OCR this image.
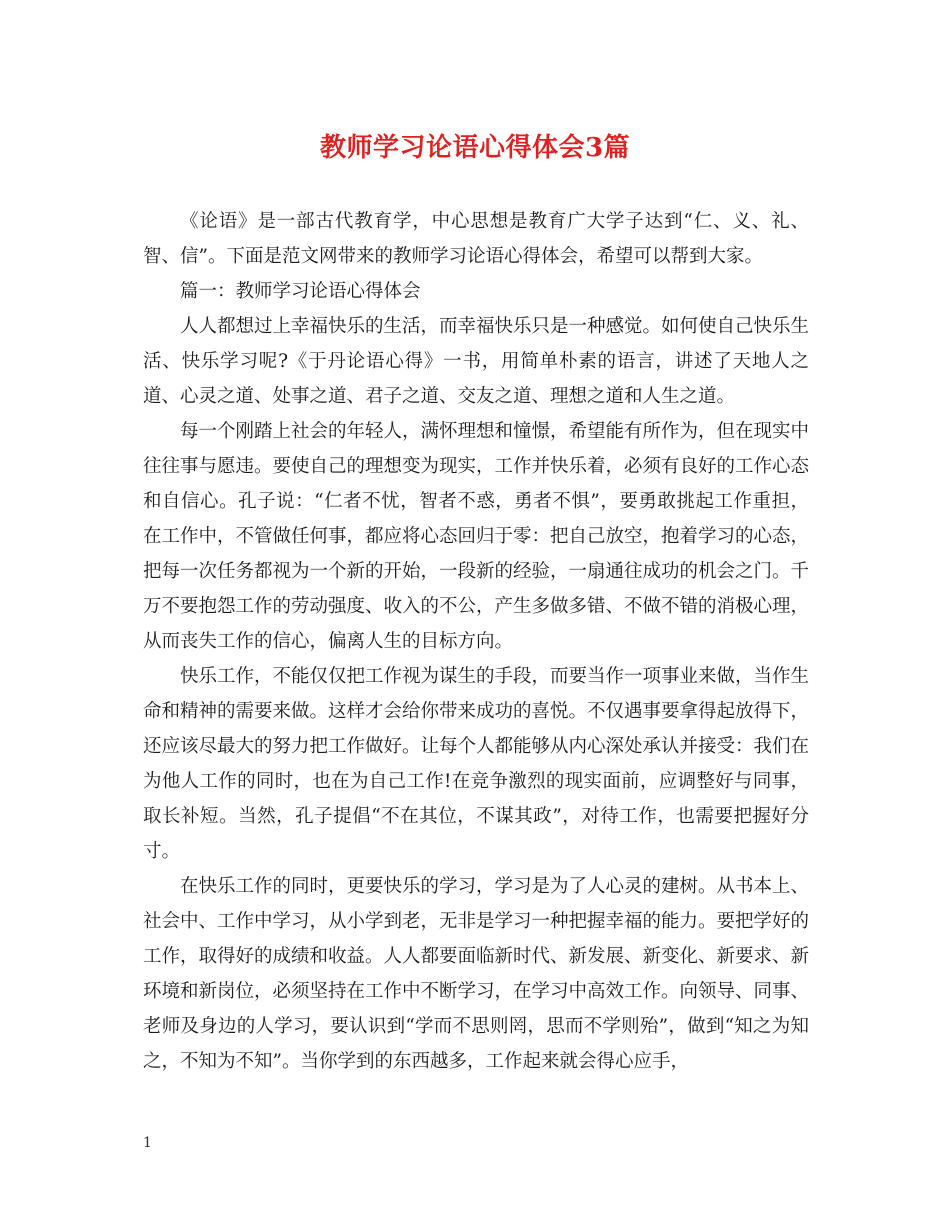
教师学习论语心得体会3篇

《论语》是一部古代教育学，中心思想是教育广大学子达到“仁、义、礼、智、信”。下面是范文网带来的教师学习论语心得体会，希望可以帮到大家。

篇一：教师学习论语心得体会

人人都想过上幸福快乐的生活，而幸福快乐只是一种感觉。如何使自己快乐生活、快乐学习呢?《于丹论语心得》一书，用简单朴素的语言，讲述了天地人之道、心灵之道、处事之道、君子之道、交友之道、理想之道和人生之道。

每一个刚踏上社会的年轻人，满怀理想和憧憬，希望能有所作为，但在现实中往往事与愿违。要使自己的理想变为现实，工作并快乐着，必须有良好的工作心态和自信心。孔子说：“仁者不忧，智者不惑，勇者不惧”，要勇敢挑起工作重担，在工作中，不管做任何事，都应将心态回归于零：把自己放空，抱着学习的心态，把每一次任务都视为一个新的开始，一段新的经验，一扇通往成功的机会之门。千万不要抱怨工作的劳动强度、收入的不公，产生多做多错、不做不错的消极心理，从而丧失工作的信心，偏离人生的目标方向。

快乐工作，不能仅仅把工作视为谋生的手段，而要当作一项事业来做，当作生命和精神的需要来做。这样才会给你带来成功的喜悦。不仅遇事要拿得起放得下，还应该尽最大的努力把工作做好。让每个人都能够从内心深处承认并接受：我们在为他人工作的同时，也在为自己工作!在竞争激烈的现实面前，应调整好与同事，取长补短。当然，孔子提倡“不在其位，不谋其政”，对待工作，也需要把握好分寸。

在快乐工作的同时，更要快乐的学习，学习是为了人心灵的建树。从书本上、社会中、工作中学习，从小学到老，无非是学习一种把握幸福的能力。要把学好的工作，取得好的成绩和收益。人人都要面临新时代、新发展、新变化、新要求、新环境和新岗位，必须坚持在工作中不断学习，在学习中高效工作。向领导、同事、老师及身边的人学习，要认识到“学而不思则罔，思而不学则殆”，做到“知之为知之，不知为不知”。当你学到的东西越多，工作起来就会得心应手，

1
